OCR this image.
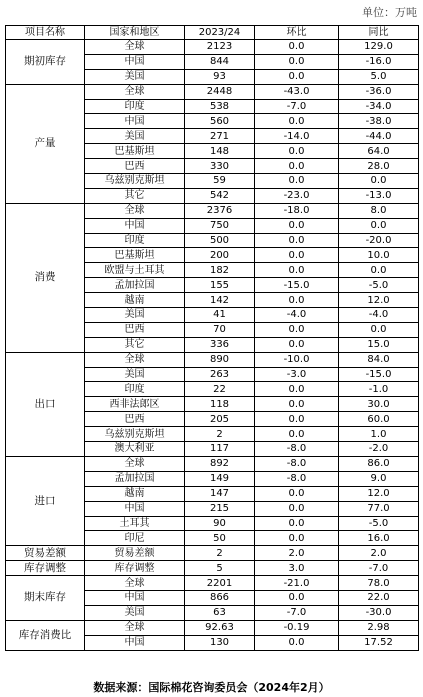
单位：万吨
项目名称	国家和地区	2023/24	环比	同比
期初库存	全球	2123	0.0	129.0
	中国	844	0.0	-16.0
	美国	93	0.0	5.0
产量	全球	2448	-43.0	-36.0
	印度	538	-7.0	-34.0
	中国	560	0.0	-38.0
	美国	271	-14.0	-44.0
	巴基斯坦	148	0.0	64.0
	巴西	330	0.0	28.0
	乌兹别克斯坦	59	0.0	0.0
	其它	542	-23.0	-13.0
消费	全球	2376	-18.0	8.0
	中国	750	0.0	0.0
	印度	500	0.0	-20.0
	巴基斯坦	200	0.0	10.0
	欧盟与土耳其	182	0.0	0.0
	孟加拉国	155	-15.0	-5.0
	越南	142	0.0	12.0
	美国	41	-4.0	-4.0
	巴西	70	0.0	0.0
	其它	336	0.0	15.0
出口	全球	890	-10.0	84.0
	美国	263	-3.0	-15.0
	印度	22	0.0	-1.0
	西非法郎区	118	0.0	30.0
	巴西	205	0.0	60.0
	乌兹别克斯坦	2	0.0	1.0
	澳大利亚	117	-8.0	-2.0
进口	全球	892	-8.0	86.0
	孟加拉国	149	-8.0	9.0
	越南	147	0.0	12.0
	中国	215	0.0	77.0
	土耳其	90	0.0	-5.0
	印尼	50	0.0	16.0
贸易差额	贸易差额	2	2.0	2.0
库存调整	库存调整	5	3.0	-7.0
期末库存	全球	2201	-21.0	78.0
	中国	866	0.0	22.0
	美国	63	-7.0	-30.0
库存消费比	全球	92.63	-0.19	2.98
	中国	130	0.0	17.52
数据来源：国际棉花咨询委员会（2024年2月）
